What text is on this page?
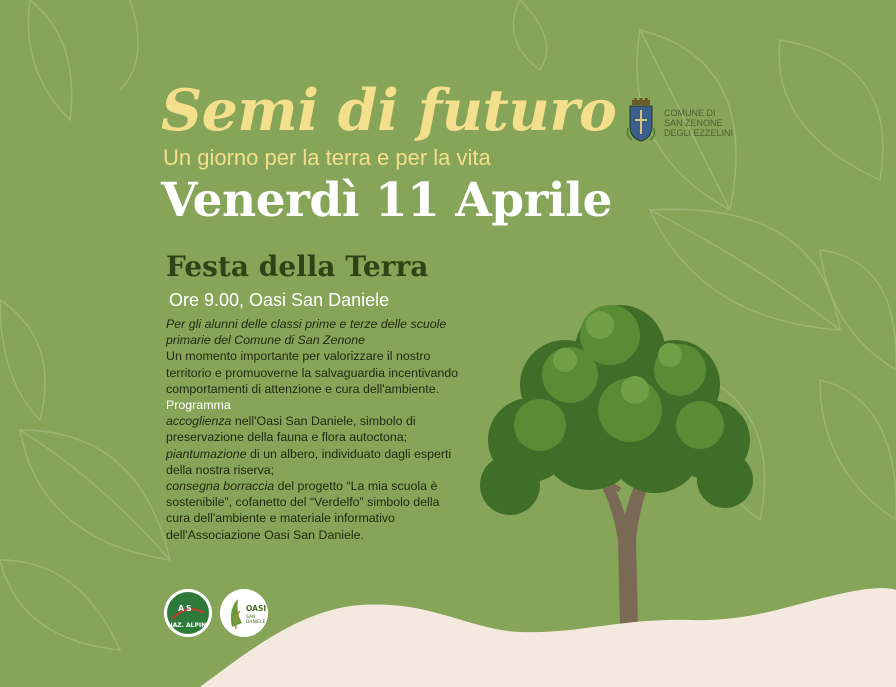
Semi di futuro

Un giorno per la terra e per la vita

Venerdì 11 Aprile

COMUNE DI
SAN ZENONE
DEGLI EZZELINI
Festa della Terra

Ore 9.00, Oasi San Daniele

Per gli alunni delle classi prime e terze delle scuole primarie del Comune di San Zenone

Un momento importante per valorizzare il nostro territorio e promuoverne la salvaguardia incentivando comportamenti di attenzione e cura dell'ambiente.

Programma

accoglienza nell'Oasi San Daniele, simbolo di preservazione della fauna e flora autoctona;

piantumazione di un albero, individuato dagli esperti della nostra riserva;

consegna borraccia del progetto “La mia scuola è sostenibile”, cofanetto del “Verdelfo” simbolo della cura dell'ambiente e materiale informativo dell'Associazione Oasi San Daniele.

A S
NAZ. ALPINI
OASI
SAN
DANIELE
